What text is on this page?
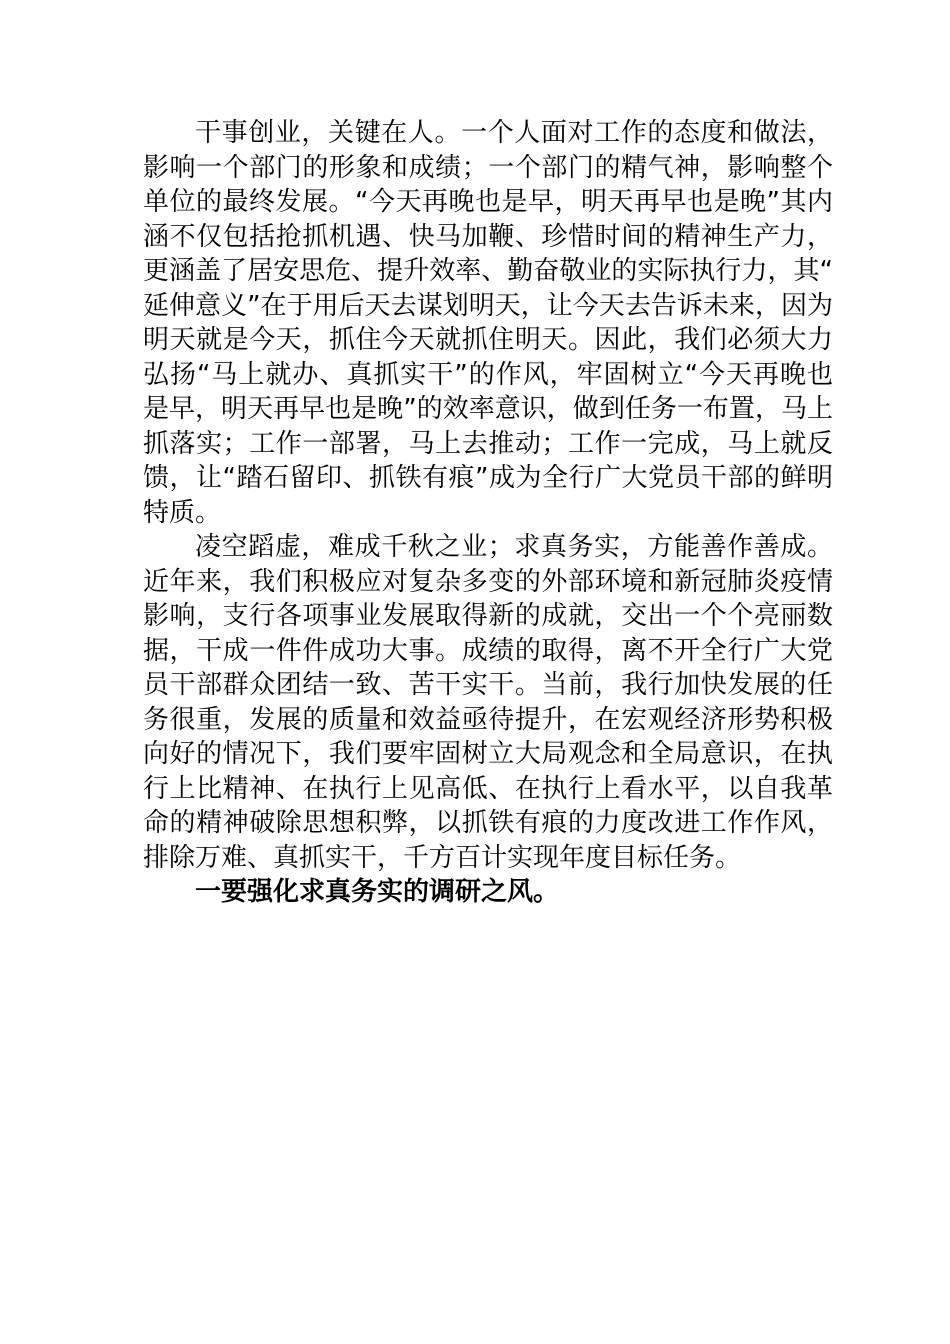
干事创业，关键在人。一个人面对工作的态度和做法，影响一个部门的形象和成绩；一个部门的精气神，影响整个单位的最终发展。“今天再晚也是早，明天再早也是晚”其内涵不仅包括抢抓机遇、快马加鞭、珍惜时间的精神生产力，更涵盖了居安思危、提升效率、勤奋敬业的实际执行力，其“延伸意义”在于用后天去谋划明天，让今天去告诉未来，因为明天就是今天，抓住今天就抓住明天。因此，我们必须大力弘扬“马上就办、真抓实干”的作风，牢固树立“今天再晚也是早，明天再早也是晚”的效率意识，做到任务一布置，马上抓落实；工作一部署，马上去推动；工作一完成，马上就反馈，让“踏石留印、抓铁有痕”成为全行广大党员干部的鲜明特质。

凌空蹈虚，难成千秋之业；求真务实，方能善作善成。近年来，我们积极应对复杂多变的外部环境和新冠肺炎疫情影响，支行各项事业发展取得新的成就，交出一个个亮丽数据，干成一件件成功大事。成绩的取得，离不开全行广大党员干部群众团结一致、苦干实干。当前，我行加快发展的任务很重，发展的质量和效益亟待提升，在宏观经济形势积极向好的情况下，我们要牢固树立大局观念和全局意识，在执行上比精神、在执行上见高低、在执行上看水平，以自我革命的精神破除思想积弊，以抓铁有痕的力度改进工作作风，排除万难、真抓实干，千方百计实现年度目标任务。

一要强化求真务实的调研之风。
